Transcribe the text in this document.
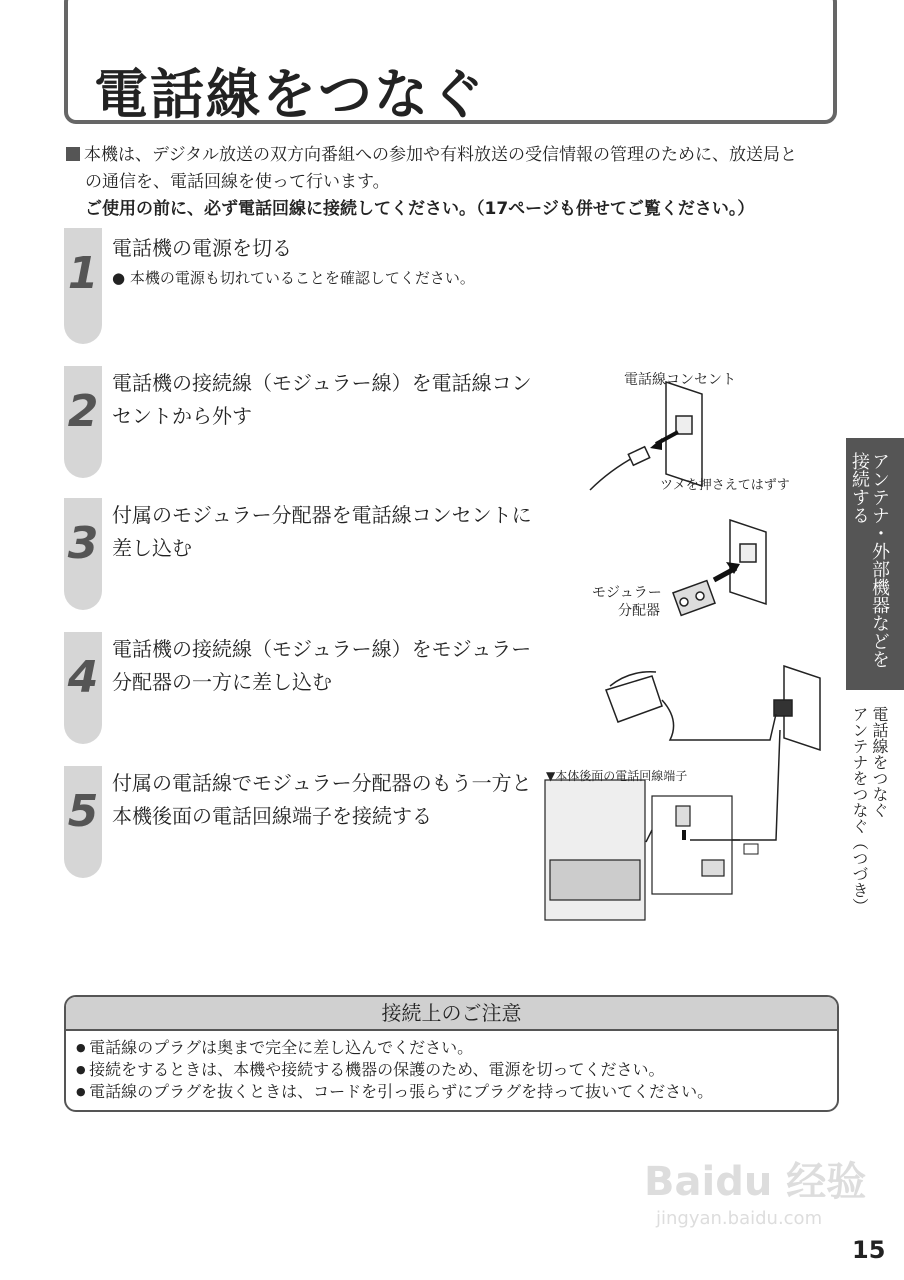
電話線をつなぐ
本機は、デジタル放送の双方向番組への参加や有料放送の受信情報の管理のために、放送局と
の通信を、電話回線を使って行います。
ご使用の前に、必ず電話回線に接続してください。（17ページも併せてご覧ください。）
1 電話機の電源を切る
● 本機の電源も切れていることを確認してください。
2
電話機の接続線（モジュラー線）を電話線コンセントから外す
3
付属のモジュラー分配器を電話線コンセントに差し込む
4
電話機の接続線（モジュラー線）をモジュラー分配器の一方に差し込む
5
付属の電話線でモジュラー分配器のもう一方と本機後面の電話回線端子を接続する
電話線コンセント
ツメを押さえてはずす
モジュラー
分配器
▼本体後面の電話回線端子
アンテナ・外部機器などを
接続する
電話線をつなぐ
アンテナをつなぐ（つづき）
接続上のご注意
● 電話線のプラグは奥まで完全に差し込んでください。
● 接続をするときは、本機や接続する機器の保護のため、電源を切ってください。
● 電話線のプラグを抜くときは、コードを引っ張らずにプラグを持って抜いてください。
Baidu 经验
jingyan.baidu.com
15
